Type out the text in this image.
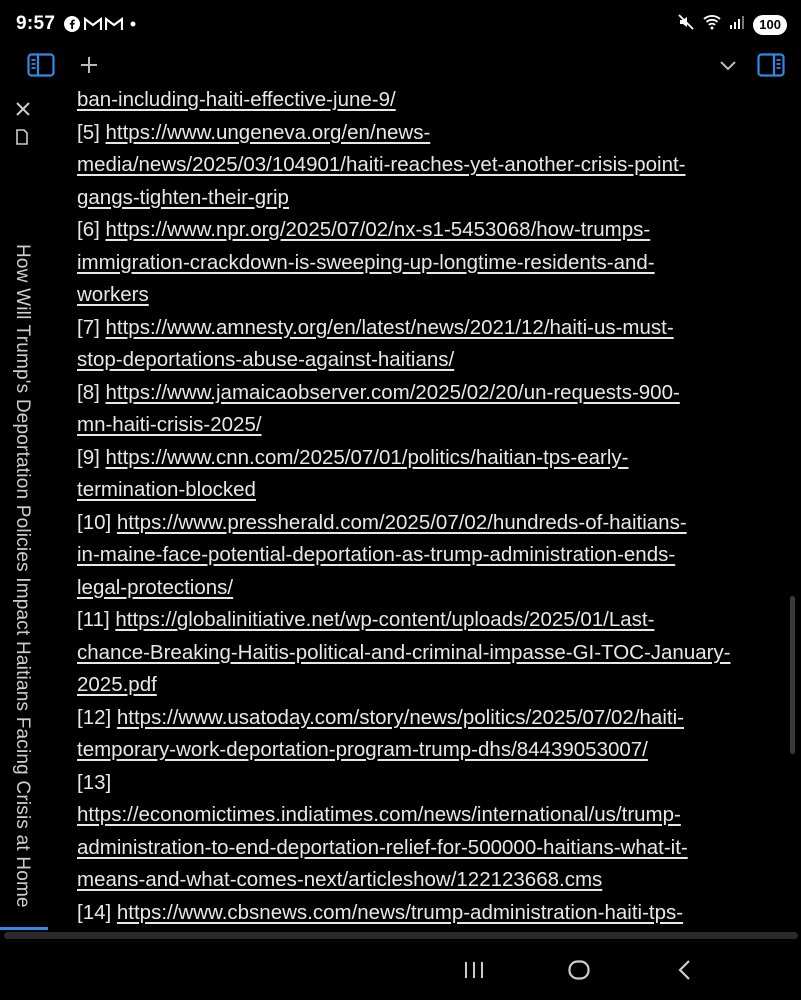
9:57	100
How Will Trump's Deportation Policies Impact Haitians Facing Crisis at Home
ban-including-haiti-effective-june-9/
[5] https://www.ungeneva.org/en/news-
media/news/2025/03/104901/haiti-reaches-yet-another-crisis-point-
gangs-tighten-their-grip
[6] https://www.npr.org/2025/07/02/nx-s1-5453068/how-trumps-
immigration-crackdown-is-sweeping-up-longtime-residents-and-
workers
[7] https://www.amnesty.org/en/latest/news/2021/12/haiti-us-must-
stop-deportations-abuse-against-haitians/
[8] https://www.jamaicaobserver.com/2025/02/20/un-requests-900-
mn-haiti-crisis-2025/
[9] https://www.cnn.com/2025/07/01/politics/haitian-tps-early-
termination-blocked
[10] https://www.pressherald.com/2025/07/02/hundreds-of-haitians-
in-maine-face-potential-deportation-as-trump-administration-ends-
legal-protections/
[11] https://globalinitiative.net/wp-content/uploads/2025/01/Last-
chance-Breaking-Haitis-political-and-criminal-impasse-GI-TOC-January-
2025.pdf
[12] https://www.usatoday.com/story/news/politics/2025/07/02/haiti-
temporary-work-deportation-program-trump-dhs/84439053007/
[13]
https://economictimes.indiatimes.com/news/international/us/trump-
administration-to-end-deportation-relief-for-500000-haitians-what-it-
means-and-what-comes-next/articleshow/122123668.cms
[14] https://www.cbsnews.com/news/trump-administration-haiti-tps-
